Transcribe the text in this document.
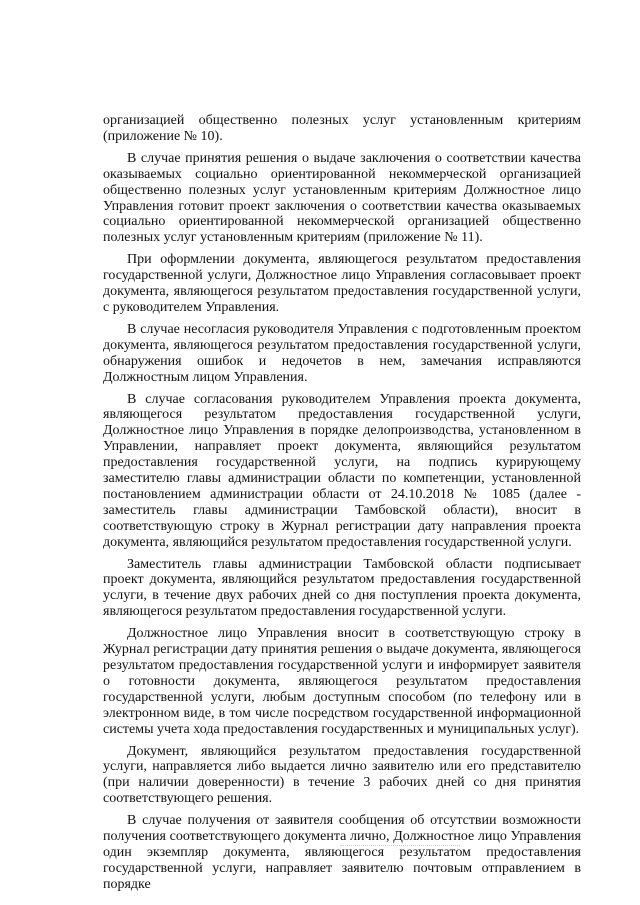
организацией общественно полезных услуг установленным критериям (приложение № 10).

В случае принятия решения о выдаче заключения о соответствии качества оказываемых социально ориентированной некоммерческой организацией общественно полезных услуг установленным критериям Должностное лицо Управления готовит проект заключения о соответствии качества оказываемых социально ориентированной некоммерческой организацией общественно полезных услуг установленным критериям (приложение № 11).

При оформлении документа, являющегося результатом предоставления государственной услуги, Должностное лицо Управления согласовывает проект документа, являющегося результатом предоставления государственной услуги, с руководителем Управления.

В случае несогласия руководителя Управления с подготовленным проектом документа, являющегося результатом предоставления государственной услуги, обнаружения ошибок и недочетов в нем, замечания исправляются Должностным лицом Управления.

В случае согласования руководителем Управления проекта документа, являющегося результатом предоставления государственной услуги, Должностное лицо Управления в порядке делопроизводства, установленном в Управлении, направляет проект документа, являющийся результатом предоставления государственной услуги, на подпись курирующему заместителю главы администрации области по компетенции, установленной постановлением администрации области от 24.10.2018 № 1085 (далее - заместитель главы администрации Тамбовской области), вносит в соответствующую строку в Журнал регистрации дату направления проекта документа, являющийся результатом предоставления государственной услуги.

Заместитель главы администрации Тамбовской области подписывает проект документа, являющийся результатом предоставления государственной услуги, в течение двух рабочих дней со дня поступления проекта документа, являющегося результатом предоставления государственной услуги.

Должностное лицо Управления вносит в соответствующую строку в Журнал регистрации дату принятия решения о выдаче документа, являющегося результатом предоставления государственной услуги и информирует заявителя о готовности документа, являющегося результатом предоставления государственной услуги, любым доступным способом (по телефону или в электронном виде, в том числе посредством государственной информационной системы учета хода предоставления государственных и муниципальных услуг).

Документ, являющийся результатом предоставления государственной услуги, направляется либо выдается лично заявителю или его представителю (при наличии доверенности) в течение 3 рабочих дней со дня принятия соответствующего решения.

В случае получения от заявителя сообщения об отсутствии возможности получения соответствующего документа лично, Должностное лицо Управления один экземпляр документа, являющегося результатом предоставления государственной услуги, направляет заявителю почтовым отправлением в порядке
